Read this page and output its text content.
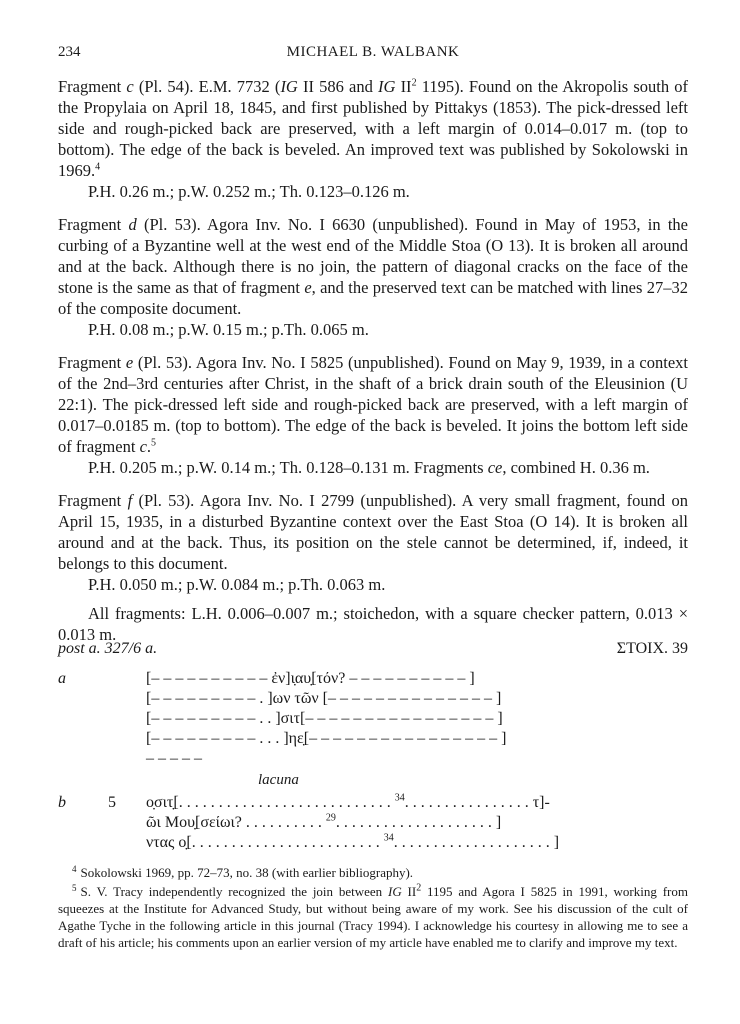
234	MICHAEL B. WALBANK

Fragment c (Pl. 54). E.M. 7732 (IG II 586 and IG $II^2$ 1195). Found on the Akropolis south of the Propylaia on April 18, 1845, and first published by Pittakys (1853). The pick-dressed left side and rough-picked back are preserved, with a left margin of 0.014–0.017 m. (top to bottom). The edge of the back is beveled. An improved text was published by Sokolowski in 1969.$^4$

P.H. 0.26 m.; p.W. 0.252 m.; Th. 0.123–0.126 m.

Fragment d (Pl. 53). Agora Inv. No. I 6630 (unpublished). Found in May of 1953, in the curbing of a Byzantine well at the west end of the Middle Stoa (O 13). It is broken all around and at the back. Although there is no join, the pattern of diagonal cracks on the face of the stone is the same as that of fragment e, and the preserved text can be matched with lines 27–32 of the composite document.

P.H. 0.08 m.; p.W. 0.15 m.; p.Th. 0.065 m.

Fragment e (Pl. 53). Agora Inv. No. I 5825 (unpublished). Found on May 9, 1939, in a context of the 2nd–3rd centuries after Christ, in the shaft of a brick drain south of the Eleusinion (U 22:1). The pick-dressed left side and rough-picked back are preserved, with a left margin of 0.017–0.0185 m. (top to bottom). The edge of the back is beveled. It joins the bottom left side of fragment c.$^5$

P.H. 0.205 m.; p.W. 0.14 m.; Th. 0.128–0.131 m. Fragments ce, combined H. 0.36 m.

Fragment f (Pl. 53). Agora Inv. No. I 2799 (unpublished). A very small fragment, found on April 15, 1935, in a disturbed Byzantine context over the East Stoa (O 14). It is broken all around and at the back. Thus, its position on the stele cannot be determined, if, indeed, it belongs to this document.

P.H. 0.050 m.; p.W. 0.084 m.; p.Th. 0.063 m.

All fragments: L.H. 0.006–0.007 m.; stoichedon, with a square checker pattern, 0.013 × 0.013 m.

post a. 327/6 a.	ΣΤΟΙΧ. 39
a	[– – – – – – – – – – ἐν]ι̣αυ̣[τόν? – – – – – – – – – – ]
[– – – – – – – – – . ]ων τῶν [– – – – – – – – – – – – – – ]
[– – – – – – – – – . . ]σιτ[– – – – – – – – – – – – – – – – ]
[– – – – – – – – – . . . ]ηε̣[– – – – – – – – – – – – – – – – ]
– – – – –
lacuna
b	5 ο̣σιτ̣[. . . . . . . . . . . . . . . . . . . . . . . . . . . $^{34}$. . . . . . . . . . . . . . . . τ]-
ῶι Μου̣[σείωι? . . . . . . . . . . $^{29}$. . . . . . . . . . . . . . . . . . . . ]
ντας ο̣[. . . . . . . . . . . . . . . . . . . . . . . . $^{34}$. . . . . . . . . . . . . . . . . . . . ]

$^4$ Sokolowski 1969, pp. 72–73, no. 38 (with earlier bibliography).

$^5$ S. V. Tracy independently recognized the join between IG $II^2$ 1195 and Agora I 5825 in 1991, working from squeezes at the Institute for Advanced Study, but without being aware of my work. See his discussion of the cult of Agathe Tyche in the following article in this journal (Tracy 1994). I acknowledge his courtesy in allowing me to see a draft of his article; his comments upon an earlier version of my article have enabled me to clarify and improve my text.
